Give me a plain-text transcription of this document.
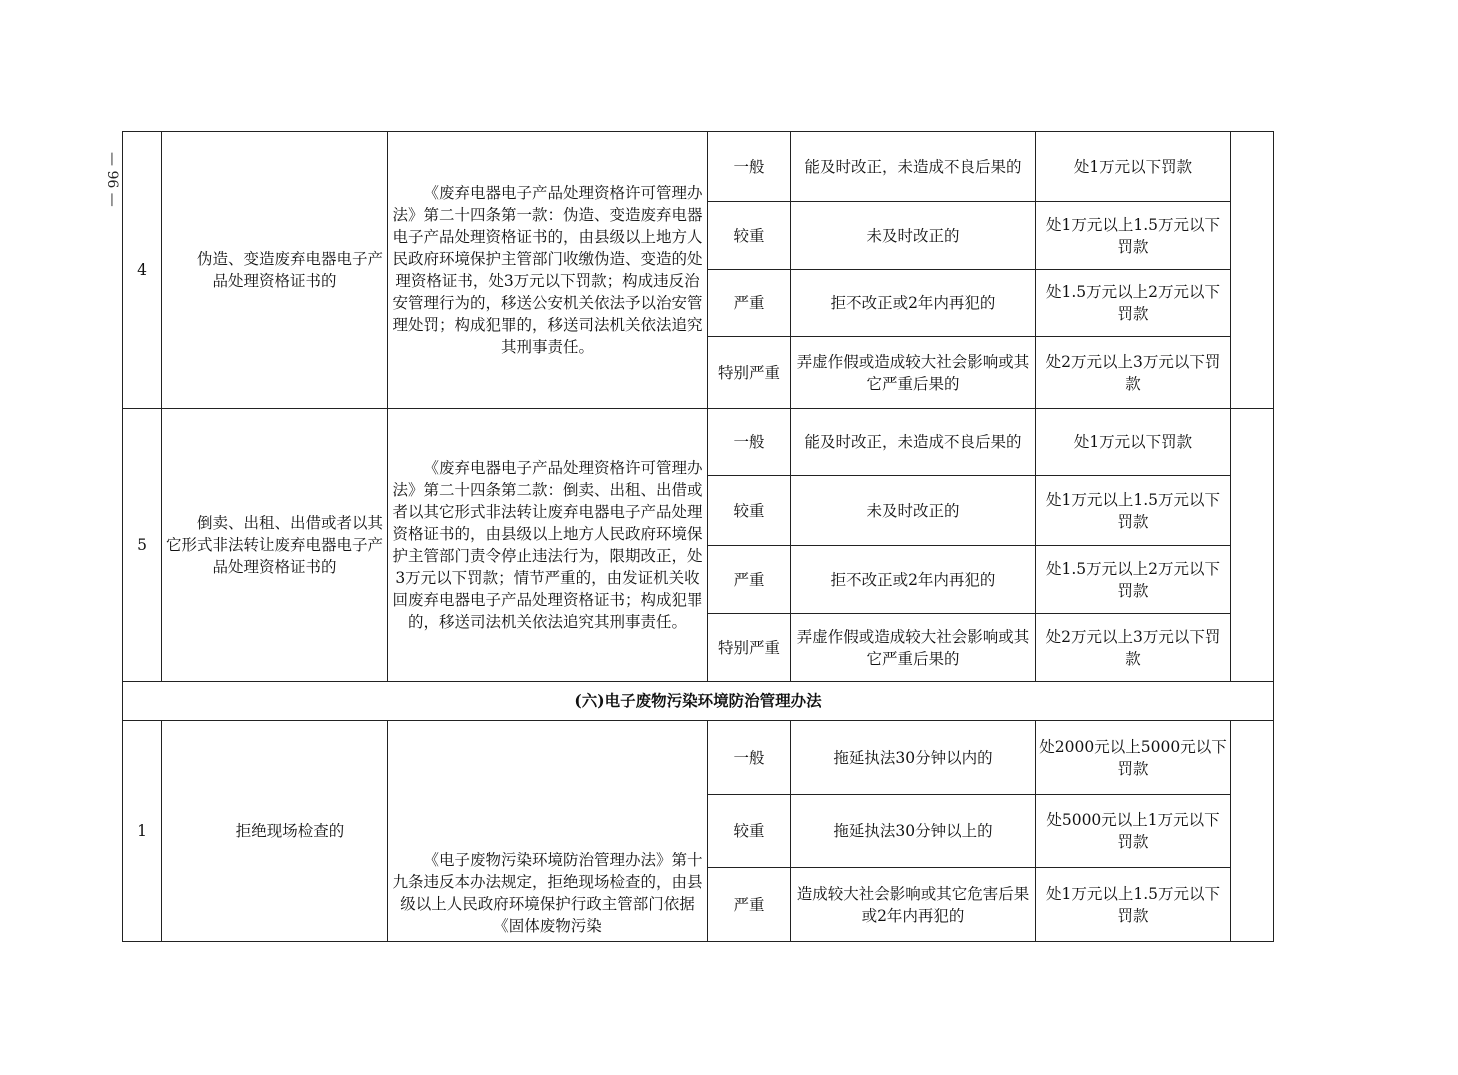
— 96 —
4	伪造、变造废弃电器电子产品处理资格证书的	《废弃电器电子产品处理资格许可管理办法》第二十四条第一款：伪造、变造废弃电器电子产品处理资格证书的，由县级以上地方人民政府环境保护主管部门收缴伪造、变造的处理资格证书，处3万元以下罚款；构成违反治安管理行为的，移送公安机关依法予以治安管理处罚；构成犯罪的，移送司法机关依法追究其刑事责任。	一般	能及时改正，未造成不良后果的	处1万元以下罚款	
			较重	未及时改正的	处1万元以上1.5万元以下罚款	
			严重	拒不改正或2年内再犯的	处1.5万元以上2万元以下罚款	
			特别严重	弄虚作假或造成较大社会影响或其它严重后果的	处2万元以上3万元以下罚款	
5	倒卖、出租、出借或者以其它形式非法转让废弃电器电子产品处理资格证书的	《废弃电器电子产品处理资格许可管理办法》第二十四条第二款：倒卖、出租、出借或者以其它形式非法转让废弃电器电子产品处理资格证书的，由县级以上地方人民政府环境保护主管部门责令停止违法行为，限期改正，处3万元以下罚款；情节严重的，由发证机关收回废弃电器电子产品处理资格证书；构成犯罪的，移送司法机关依法追究其刑事责任。	一般	能及时改正，未造成不良后果的	处1万元以下罚款	
			较重	未及时改正的	处1万元以上1.5万元以下罚款	
			严重	拒不改正或2年内再犯的	处1.5万元以上2万元以下罚款	
			特别严重	弄虚作假或造成较大社会影响或其它严重后果的	处2万元以上3万元以下罚款	
(六)电子废物污染环境防治管理办法						
1	拒绝现场检查的	《电子废物污染环境防治管理办法》第十九条违反本办法规定，拒绝现场检查的，由县级以上人民政府环境保护行政主管部门依据《固体废物污染	一般	拖延执法30分钟以内的	处2000元以上5000元以下罚款	
			较重	拖延执法30分钟以上的	处5000元以上1万元以下罚款	
			严重	造成较大社会影响或其它危害后果或2年内再犯的	处1万元以上1.5万元以下罚款	
